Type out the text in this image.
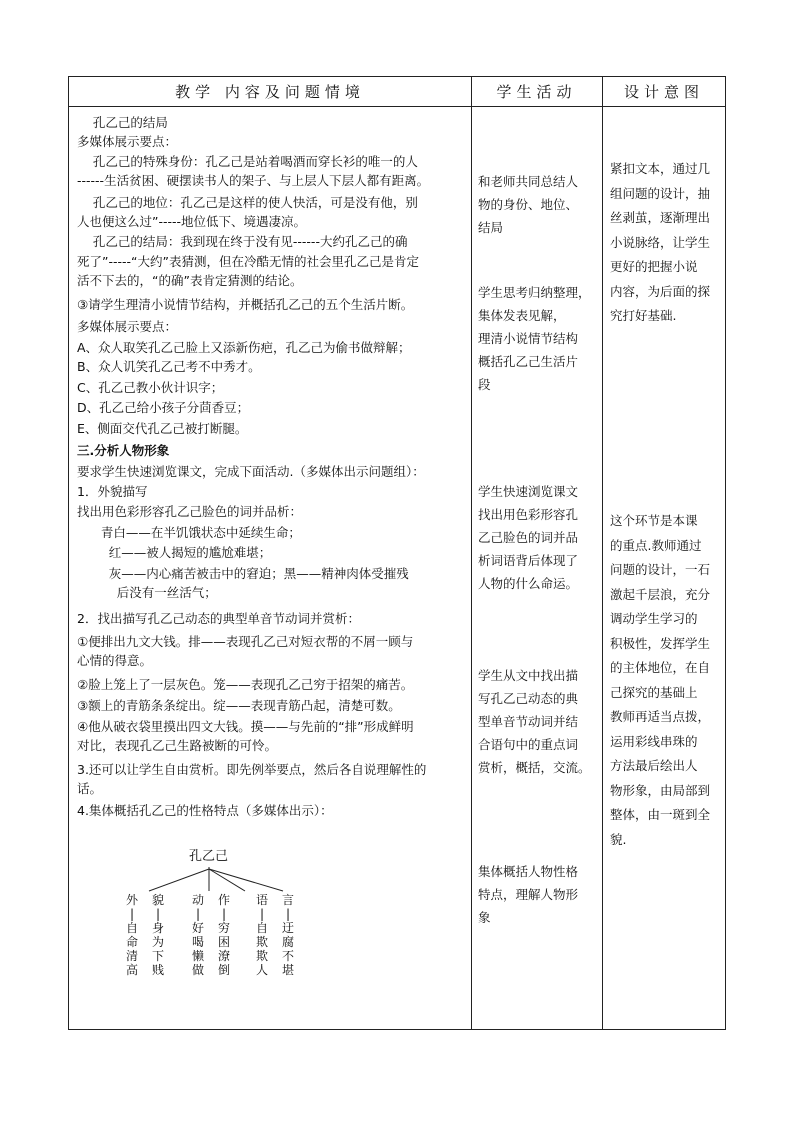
教学 内容及问题情境	学生活动	设计意图
孔乙己的结局
多媒体展示要点：
孔乙己的特殊身份：孔乙己是站着喝酒而穿长衫的唯一的人
------生活贫困、硬摆读书人的架子、与上层人下层人都有距离。
孔乙己的地位：孔乙己是这样的使人快活，可是没有他，别
人也便这么过”-----地位低下、境遇凄凉。
孔乙己的结局：我到现在终于没有见------大约孔乙己的确
死了”-----“大约”表猜测，但在冷酷无情的社会里孔乙己是肯定
活不下去的，“的确”表肯定猜测的结论。
③请学生理清小说情节结构，并概括孔乙己的五个生活片断。
多媒体展示要点：
A、众人取笑孔乙己脸上又添新伤疤，孔乙己为偷书做辩解；
B、众人讥笑孔乙己考不中秀才。
C、孔乙己教小伙计识字；
D、孔乙己给小孩子分茴香豆；
E、侧面交代孔乙己被打断腿。
三.分析人物形象
要求学生快速浏览课文，完成下面活动.（多媒体出示问题组）：
1．外貌描写
找出用色彩形容孔乙己脸色的词并品析：
青白——在半饥饿状态中延续生命；
红——被人揭短的尴尬难堪；
灰——内心痛苦被击中的窘迫；黑——精神肉体受摧残
后没有一丝活气；
2．找出描写孔乙己动态的典型单音节动词并赏析：
①便排出九文大钱。排——表现孔乙己对短衣帮的不屑一顾与
心情的得意。
②脸上笼上了一层灰色。笼——表现孔乙己穷于招架的痛苦。
③额上的青筋条条绽出。绽——表现青筋凸起，清楚可数。
④他从破衣袋里摸出四文大钱。摸——与先前的“排”形成鲜明
对比，表现孔乙己生路被断的可怜。
3.还可以让学生自由赏析。即先例举要点，然后各自说理解性的
话。
4.集体概括孔乙己的性格特点（多媒体出示）：
和老师共同总结人
物的身份、地位、
结局
学生思考归纳整理，
集体发表见解，
理清小说情节结构
概括孔乙己生活片
段
学生快速浏览课文
找出用色彩形容孔
乙己脸色的词并品
析词语背后体现了
人物的什么命运。
学生从文中找出描
写孔乙己动态的典
型单音节动词并结
合语句中的重点词
赏析，概括，交流。
集体概括人物性格
特点，理解人物形
象
紧扣文本，通过几
组问题的设计，抽
丝剥茧，逐渐理出
小说脉络，让学生
更好的把握小说
内容，为后面的探
究打好基础.
这个环节是本课
的重点.教师通过
问题的设计，一石
激起千层浪，充分
调动学生学习的
积极性，发挥学生
的主体地位，在自
己探究的基础上
教师再适当点拨，
运用彩线串珠的
方法最后绘出人
物形象，由局部到
整体，由一斑到全
貌.
孔乙己
外
|
自
命
清
高
貌
|
身
为
下
贱
动
|
好
喝
懒
做
作
|
穷
困
潦
倒
语
|
自
欺
欺
人
言
|
迂
腐
不
堪
